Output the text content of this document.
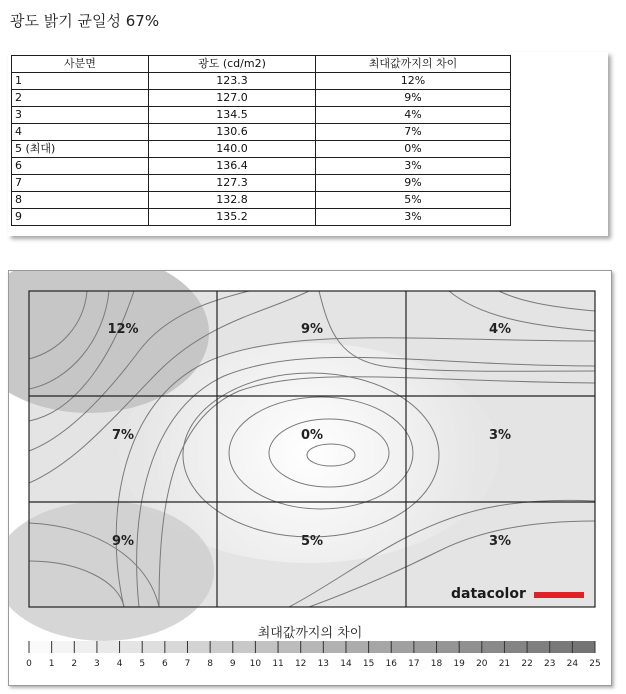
광도 밝기 균일성 67%
사분면	광도 (cd/m2)	최대값까지의 차이
1	123.3	12%
2	127.0	9%
3	134.5	4%
4	130.6	7%
5 (최대)	140.0	0%
6	136.4	3%
7	127.3	9%
8	132.8	5%
9	135.2	3%
12%	9%	4%
7%	0%	3%
9%	5%	3%
datacolor
0 1 2 3 4 5 6 7 8 9 10 11 12 13 14 15 16 17 18 19 20 21 22 23 24 25
최대값까지의 차이
